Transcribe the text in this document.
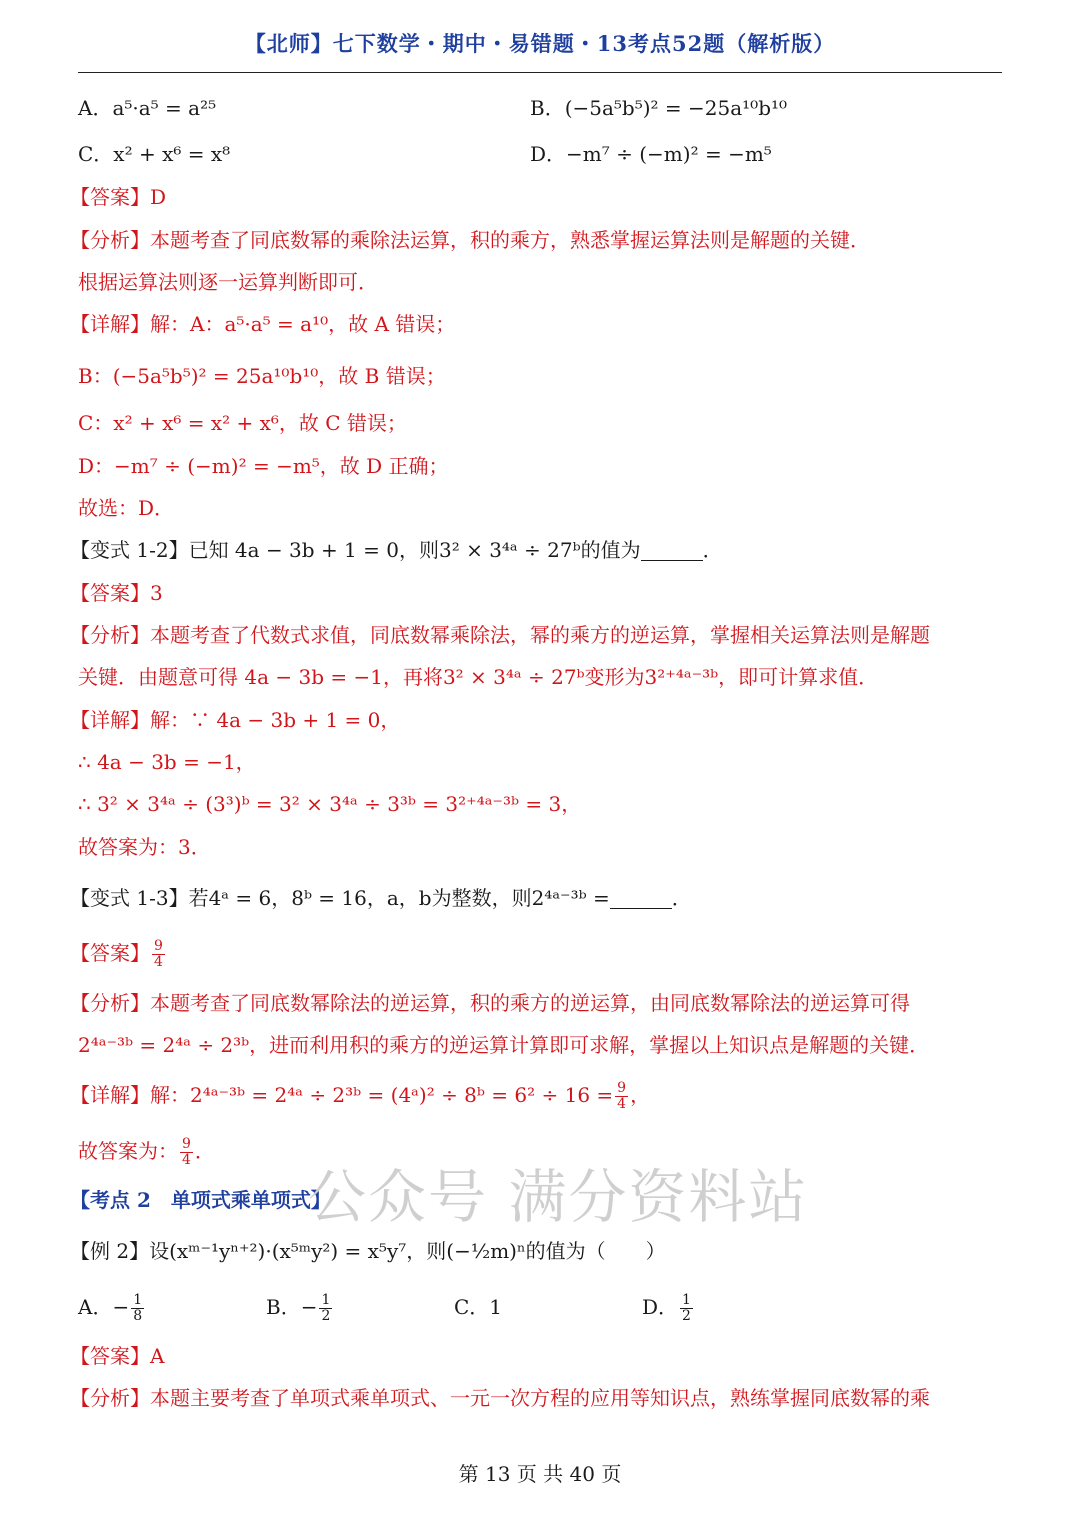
【北师】七下数学・期中・易错题・13考点52题（解析版）
A．a⁵·a⁵ = a²⁵	B．(−5a⁵b⁵)² = −25a¹⁰b¹⁰
C．x² + x⁶ = x⁸	D．−m⁷ ÷ (−m)² = −m⁵
【答案】D
【分析】本题考查了同底数幂的乘除法运算，积的乘方，熟悉掌握运算法则是解题的关键．
根据运算法则逐一运算判断即可．
【详解】解：A：a⁵·a⁵ = a¹⁰，故 A 错误；
B：(−5a⁵b⁵)² = 25a¹⁰b¹⁰，故 B 错误；
C：x² + x⁶ = x² + x⁶，故 C 错误；
D：−m⁷ ÷ (−m)² = −m⁵，故 D 正确；
故选：D．
【变式 1-2】已知 4a − 3b + 1 = 0，则3² × 3⁴ᵃ ÷ 27ᵇ的值为	．
【答案】3
【分析】本题考查了代数式求值，同底数幂乘除法，幂的乘方的逆运算，掌握相关运算法则是解题
关键．由题意可得 4a − 3b = −1，再将3² × 3⁴ᵃ ÷ 27ᵇ变形为3²⁺⁴ᵃ⁻³ᵇ，即可计算求值．
【详解】解：∵ 4a − 3b + 1 = 0，
∴ 4a − 3b = −1，
∴ 3² × 3⁴ᵃ ÷ (3³)ᵇ = 3² × 3⁴ᵃ ÷ 3³ᵇ = 3²⁺⁴ᵃ⁻³ᵇ = 3，
故答案为：3．
【变式 1-3】若4ᵃ = 6，8ᵇ = 16，a，b为整数，则2⁴ᵃ⁻³ᵇ =	．
【答案】 $\frac{9}{4}$
【分析】本题考查了同底数幂除法的逆运算，积的乘方的逆运算，由同底数幂除法的逆运算可得
2⁴ᵃ⁻³ᵇ = 2⁴ᵃ ÷ 2³ᵇ，进而利用积的乘方的逆运算计算即可求解，掌握以上知识点是解题的关键．
【详解】解：2⁴ᵃ⁻³ᵇ = 2⁴ᵃ ÷ 2³ᵇ = (4ᵃ)² ÷ 8ᵇ = $6^2 \div 16 = \frac{9}{4}$ ，
故答案为： $\frac{9}{4}$ ．
【考点 2　单项式乘单项式】
【例 2】设(xᵐ⁻¹yⁿ⁺²)·(x⁵ᵐy²) = x⁵y⁷，则(−½m)ⁿ的值为（　　）
A．− $\frac{1}{8}$	B．− $\frac{1}{2}$	C．1	D． $\frac{1}{2}$
【答案】A
【分析】本题主要考查了单项式乘单项式、一元一次方程的应用等知识点，熟练掌握同底数幂的乘
公众号 满分资料站
第 13 页 共 40 页
